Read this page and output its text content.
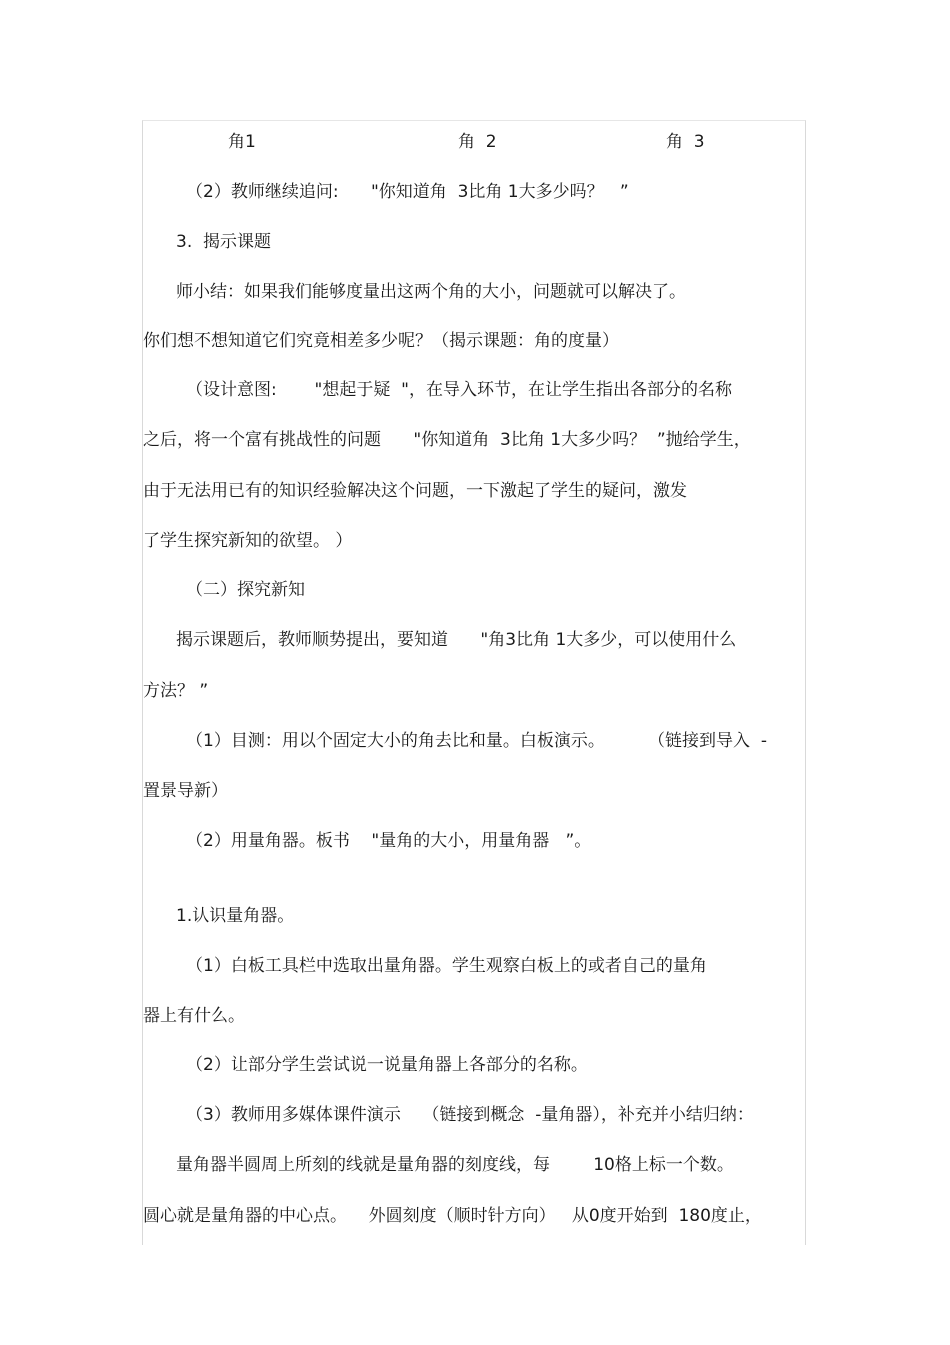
角1	角  2	角  3
（2）教师继续追问:      "你知道角  3比角 1大多少吗？   ”
3.  揭示课题
师小结：如果我们能够度量出这两个角的大小，问题就可以解决了。
你们想不想知道它们究竟相差多少呢？（揭示课题：角的度量）
（设计意图:       "想起于疑  "，在导入环节，在让学生指出各部分的名称
之后，将一个富有挑战性的问题      "你知道角  3比角 1大多少吗？  ”抛给学生，
由于无法用已有的知识经验解决这个问题，一下激起了学生的疑问，激发
了学生探究新知的欲望。 ）
（二）探究新知
揭示课题后，教师顺势提出，要知道      "角3比角 1大多少，可以使用什么
方法？ ”
（1）目测：用以个固定大小的角去比和量。白板演示。        （链接到导入  -
置景导新）
（2）用量角器。板书    "量角的大小，用量角器   ”。
1.认识量角器。
（1）白板工具栏中选取出量角器。学生观察白板上的或者自己的量角
器上有什么。
（2）让部分学生尝试说一说量角器上各部分的名称。
（3）教师用多媒体课件演示    （链接到概念  -量角器），补充并小结归纳：
量角器半圆周上所刻的线就是量角器的刻度线，每        10格上标一个数。
圆心就是量角器的中心点。    外圆刻度（顺时针方向）   从0度开始到  180度止，
